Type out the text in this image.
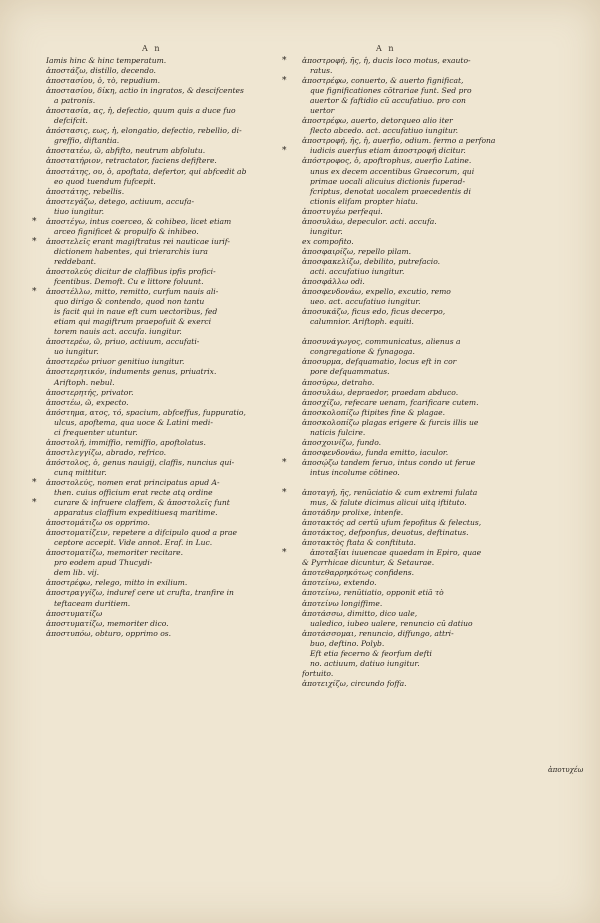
A n	A n
Iamis hinc & hinc temperatum.
ἀποστάζω, distillo, decendo.
ἀποστασίου, ὁ, τὸ, repudium.
ἀποστασίου, δίκη, actio in ingratos, & descifcentes
a patronis.
ἀποστασία, ας, ἡ, defectio, quum quis a duce fuo
defcifcit.
ἀπόστασις, εως, ἡ, elongatio, defectio, rebellio, di-
greffio, diftantia.
ἀποστατέω, ῶ, abfifto, neutrum abfolutu.
ἀποστατήριον, retractator, faciens defiftere.
ἀποστάτης, ου, ὁ, apoftata, defertor, qui abfcedit ab
eo quod tuendum fufcepit.
ἀποστάτης, rebellis.
ἀποστεγάζω, detego, actiuum, accufa-
tiuo iungitur.
ἀποστέγω, intus coerceo, & cohibeo, licet etiam
arceo fignificet & propulfo & inhibeo.
ἀποστελεῖς erant magiftratus rei nauticae iurif-
dictionem habentes, qui trierarchis iura
reddebant.
ἀποστολεύς dicitur de claffibus ipfis profici-
fcentibus. Demoft. Cu e littore foluunt.
ἀποστέλλω, mitto, remitto, curfum nauis ali-
quo dirigo & contendo, quod non tantu
is facit qui in naue eft cum uectoribus, fed
etiam qui magiftrum praepofuit & exerci
torem nauis act. accufa. iungitur.
ἀποστερέω, ῶ, priuo, actiuum, accufati-
uo iungitur.
ἀποστερέω priuor genitiuo iungitur.
ἀποστερητικόν, induments genus, priuatrix.
Ariftoph. nebul.
ἀποστερητής, privator.
ἀποστέω, ῶ, expecto.
ἀπόστημα, ατος, τό, spacium, abfceffus, fuppuratio,
ulcus, apoftema, qua uoce & Latini medi-
ci frequenter utuntur.
ἀποστολή, immiffio, remiffio, apoftolatus.
ἀποστλεγγίζω, abrado, refrico.
ἀπόστολος, ὁ, genus nauigij, claffis, nuncius qui-
cunq mittitur.
ἀποστολεύς, nomen erat principatus apud A-
then. cuius officium erat recte atq ordine
curare & infruere claffem, & ἀποστολεῖς funt
apparatus claffium expeditiuesq maritime.
ἀποστομάτιζω os opprimo.
ἀποστοματίζειν, repetere a difcipulo quod a prae
ceptore accepit. Vide annot. Eraf. in Luc.
ἀποστοματίζω, memoriter recitare.
pro eodem apud Thucydi-
dem lib. vij.
ἀποστρέφω, relego, mitto in exilium.
ἀποστραγγίζω, induref cere ut crufta, tranfire in
teftaceam duritiem.
ἀποστυματίζω
ἀποστυματίζω, memoriter dico.
ἀποστυπόω, obturo, opprimo os.
ἀποστροφή, ῆς, ἡ, ducis loco motus, exauto-
ratus.
ἀποστρέφω, conuerto, & auerto fignificat,
que fignificationes cōtrariae funt. Sed pro
auertor & faftidio cū accufatiuo. pro con
uertor
ἀποστρέφω, auerto, detorqueo alio iter
flecto abcedo. act. accufatiuo iungitur.
ἀποστροφή, ῆς, ἡ, auerfio, odium. fermo a perfona
iudicis auerfus etiam ἀποστροφή dicitur.
ἀπόστροφος, ὁ, apoftrophus, auerfio Latine.
unus ex decem accentibus Graecorum, qui
primae uocali alicuius dictionis fuperad-
fcriptus, denotat uocalem praecedentis di
ctionis elifam propter hiatu.
ἀποστυγέω perfequi.
ἀποσυλάω, depeculor. acti. accufa.
iungitur.
ex compofito.
ἀποσφαιρίζω, repello pilam.
ἀποσφακελίζω, debilito, putrefacio.
acti. accufatiuo iungitur.
ἀποσφάλλω odi.
ἀποσφενδονάω, expello, excutio, remo
ueo. act. accufatiuo iungitur.
ἀποσυκάζω, ficus edo, ficus decerpo,
calumnior. Ariftoph. equiti.
ἀποσυνάγωγος, communicatus, alienus a
congregatione & fynagoga.
ἀποσυρμα, defquamatio, locus eft in cor
pore defquammatus.
ἀποσύρω, detraho.
ἀποσυλάω, depraedor, praedam abduco.
ἀποσχίζω, refecare uenam, fcarificare cutem.
ἀποσκολοπίζω ftipites fine & plagae.
ἀποσκολοπίζω plagas erigere & furcis illis ue
naticis fulcire.
ἀποσχοινίζω, fundo.
ἀποσφενδονάω, funda emitto, iaculor.
ἀποσῴζω tandem feruo, intus condo ut ferue
intus incolume cōtineo.
ἀποταγή, ῆς, renūciatio & cum extremi fulata
mus, & falute dicimus alicui uitq iftituto.
ἀποτάδην prolixe, intenfe.
ἀποτακτός ad certū ufum fepofitus & felectus,
ἀποτάκτος, defponfus, deuotus, deftinatus.
ἀποτακτὸς ftata & conftituta.
ἀποταξίαι iuuencae quaedam in Epiro, quae
& Pyrrhicae dicuntur, & Setaurae.
ἀποτεθαρρηκότως confidens.
ἀποτείνω, extendo.
ἀποτείνω, renūtiatio, opponit etiā τὸ
ἀποτείνω longiffime.
ἀποτάσσω, dimitto, dico uale,
ualedico, iubeo ualere, renuncio cū datiuo
ἀποτάσσομαι, renuncio, diffungo, attri-
buo, deftino. Polyb.
Eft etia fecerno & feorfum defti
no. actiuum, datiuo iungitur.
fortuito.
ἀποτειχίζω, circundo foffa.
ἀποτυχέω
*
*
*
*
*
*
*
*
*
*
*
